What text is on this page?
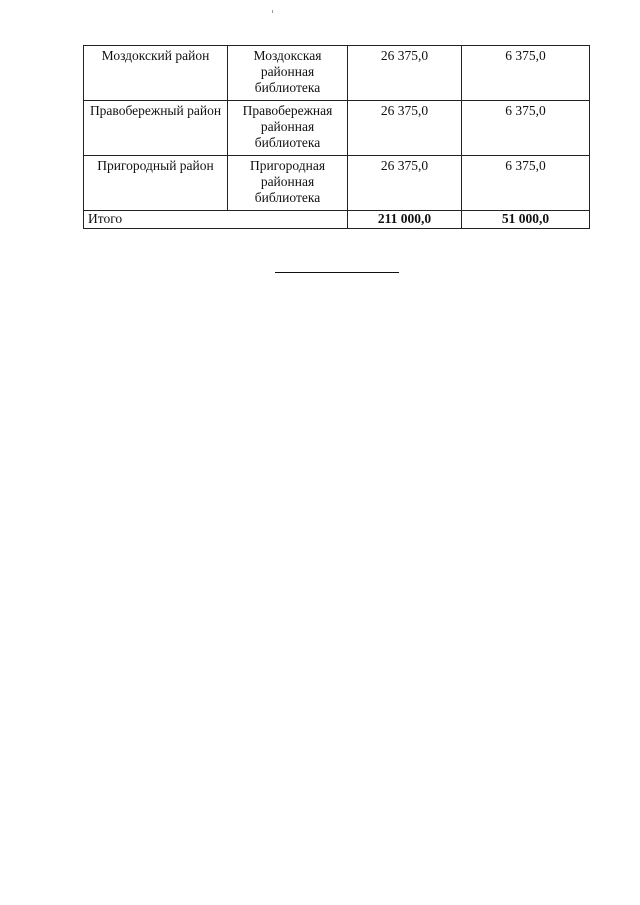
Моздокский район	Моздокская районная библиотека	26 375,0	6 375,0
Правобережный район	Правобережная районная библиотека	26 375,0	6 375,0
Пригородный район	Пригородная районная библиотека	26 375,0	6 375,0
Итого		211 000,0	51 000,0
